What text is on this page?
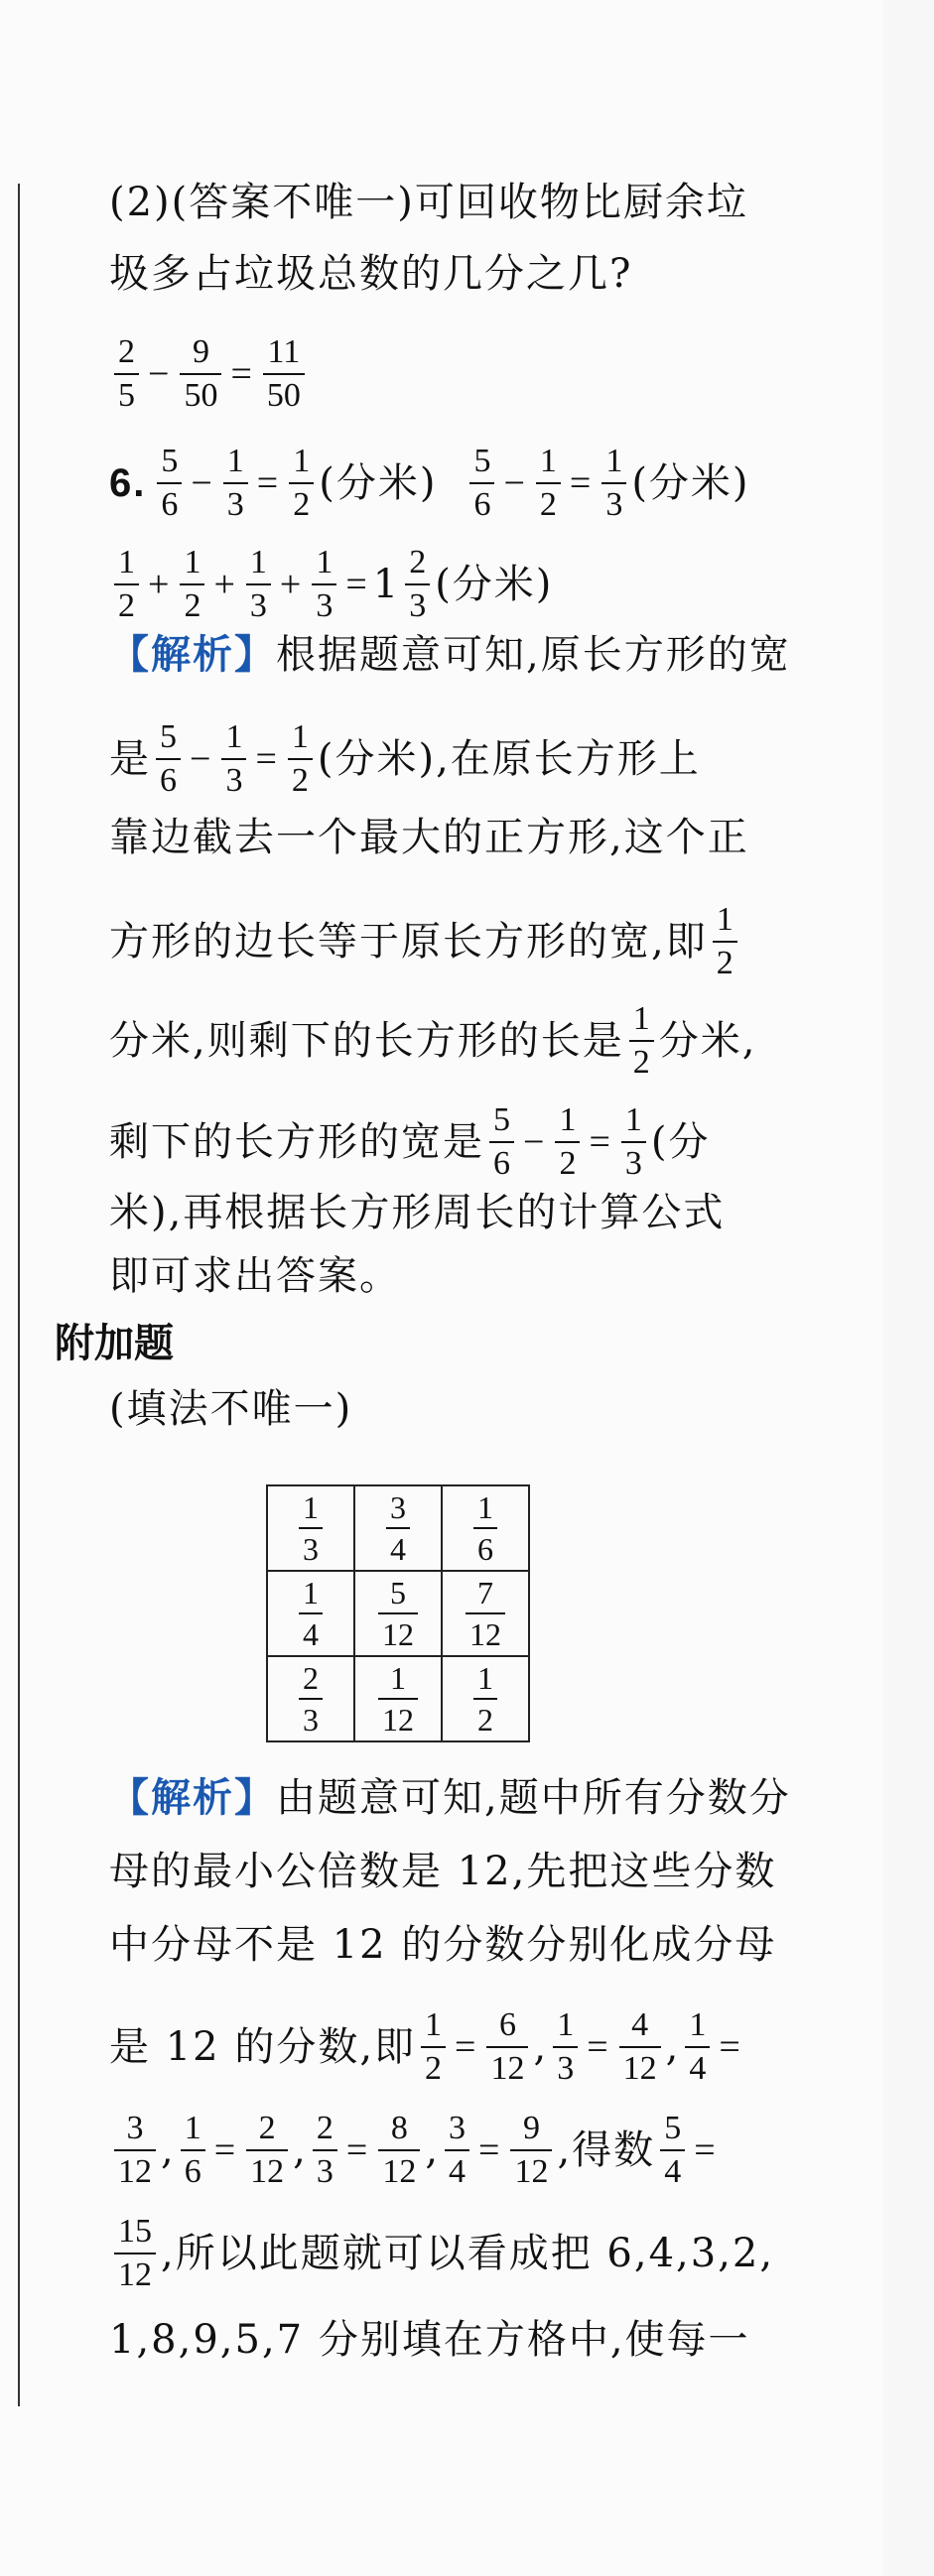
(2)(答案不唯一)可回收物比厨余垃
圾多占垃圾总数的几分之几?
$\frac{2}{5} - \frac{9}{50} = \frac{11}{50}$
6. $\frac{5}{6} - \frac{1}{3} = \frac{1}{2}$ (分米) $\frac{5}{6} - \frac{1}{2} = \frac{1}{3}$ (分米)
$\frac{1}{2} + \frac{1}{2} + \frac{1}{3} + \frac{1}{3} = 1 \frac{2}{3}$ (分米)
【解析】 根据题意可知,原长方形的宽
是 $\frac{5}{6} - \frac{1}{3} = \frac{1}{2}$ (分米),在原长方形上
靠边截去一个最大的正方形,这个正
方形的边长等于原长方形的宽,即 $\frac{1}{2}$
分米,则剩下的长方形的长是 $\frac{1}{2}$ 分米,
剩下的长方形的宽是 $\frac{5}{6} - \frac{1}{2} = \frac{1}{3}$ (分
米),再根据长方形周长的计算公式
即可求出答案。
附加题
(填法不唯一)
$\frac{1}{3}$	$\frac{3}{4}$	$\frac{1}{6}$

$\frac{1}{4}$	$\frac{5}{12}$	$\frac{7}{12}$

$\frac{2}{3}$	$\frac{1}{12}$	$\frac{1}{2}$
【解析】 由题意可知,题中所有分数分
母的最小公倍数是 12,先把这些分数
中分母不是 12 的分数分别化成分母
是 12 的分数,即 $\frac{1}{2} = \frac{6}{12}$ , $\frac{1}{3} = \frac{4}{12}$ , $\frac{1}{4}$ =
$\frac{3}{12}$ , $\frac{1}{6} = \frac{2}{12}$ , $\frac{2}{3} = \frac{8}{12}$ , $\frac{3}{4} = \frac{9}{12}$ ,得数 $\frac{5}{4}$ =
$\frac{15}{12}$ ,所以此题就可以看成把 6,4,3,2,
1,8,9,5,7 分别填在方格中,使每一
